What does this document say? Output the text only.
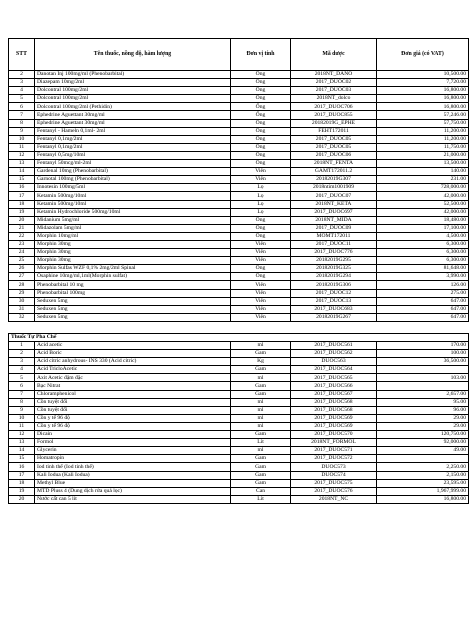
STT	Tên thuốc, nồng độ, hàm lượng	Đơn vị tính	Mã dược	Đơn giá (có VAT)
2	Danotan Inj 100mg/ml (Phenobarbital)	Ống	2018NT_DANO	10,500.00
3	Diazepam 10mg/2ml	Ống	2017_DUOC02	7,720.00
4	Dolcontral 100mg/2ml	Ống	2017_DUOC03	16,800.00
5	Dolcontral 100mg/2ml	Ống	2018NT_dolco	16,800.00
6	Dolcontral 100mg/2ml (Pethidin)	Ống	2017_DUOC706	16,800.00
7	Ephedrine Aguettant 30mg/ml	Ống	2017_DUOC855	57,246.00
8	Ephedrine Aguettant 30mg/ml	Ống	20182019G_EPHE	57,750.00
9	Fentanyl - Hameln 0,1ml- 2ml	Ống	FEHT172011	11,200.00
10	Fentanyl 0,1mg/2ml	Ống	2017_DUOC05	11,200.00
11	Fentanyl 0,1mg/2ml	Ống	2017_DUOC05	11,750.00
12	Fentanyl 0,5mg/10ml	Ống	2017_DUOC06	21,000.00
13	Fentanyl 50mcg/ml-2ml	Ống	2018NT_FENTA	13,500.00
14	Gardenal 10mg (Phenobarbital)	Viên	GAMT172011.2	140.00
15	Garnotal 100mg (Phenobarbital)	Viên	20182019G307	231.00
16	Innotesin 100mg/5ml	Lọ	2018ntim1001909	728,000.00
17	Ketamin 500mg/10ml	Lọ	2017_DUOC07	42,000.00
18	Ketamin 500mg/10ml	Lọ	2018NT_KETA	52,500.00
19	Ketamin Hydrochloride 500mg/10ml	Lọ	2017_DUOC697	42,000.00
20	Midanium 5mg/ml	Ống	2018NT_MIDA	18,480.00
21	Midazolam 5mg/ml	Ống	2017_DUOC09	17,100.00
22	Morphin 10mg/ml	Ống	MOMT172011	4,500.00
23	Morphin 30mg	Viên	2017_DUOC11	6,300.00
24	Morphin 30mg	Viên	2017_DUOC776	6,300.00
25	Morphin 30mg	Viên	20182019G295	6,300.00
26	Morphin Sulfas WZF 0,1% 2mg/2ml Spinal	Ống	20182019G325	81,648.00
27	Osaphine 10mg/ml,1ml(Morphin sulfat)	Ống	20182019G294	3,990.00
28	Phenobarbital 10 mg	Viên	20182019G306	126.00
29	Phenobarbital 100mg	Viên	2017_DUOC12	275.00
30	Seduxen 5mg	Viên	2017_DUOC13	647.00
31	Seduxen 5mg	Viên	2017_DUOC683	647.00
32	Seduxen 5mg	Viên	20182019G267	647.00

Thuốc Tự Pha Chế				
1	Acid acetic	ml	2017_DUOC561	170.00
2	Acid Boric	Gam	2017_DUOC562	100.00
3	Acid citric anhydrous- INS 330 (Acid citric)	Kg	DUOC563	36,500.00
4	Acid TricloAcetic	Gam	2017_DUOC564	
5	Axit Acetic đậm đặc	ml	2017_DUOC565	103.00
6	Bạc Nitrat	Gam	2017_DUOC566	
7	Chloramphenicol	Gam	2017_DUOC567	2,657.00
8	Cồn tuyệt đối	ml	2017_DUOC568	95.00
9	Cồn tuyệt đối	ml	2017_DUOC568	96.00
10	Cồn y tế 96 độ	ml	2017_DUOC569	29.00
11	Cồn y tế 96 độ	ml	2017_DUOC569	29.00
12	Dicain	Gam	2017_DUOC570	120,750.00
13	Formol	Lít	2018NT_FORMOL	92,000.00
14	Glycerin	ml	2017_DUOC571	49.00
15	Homatropin	Gam	2017_DUOC572	
16	Iod tinh thể (Iod tinh thể)	Gam	DUOC573	2,250.00
17	Kali Iodua (Kali Iodua)	Gam	DUOC574	2,150.00
18	Methyl Blue	Gam	2017_DUOC575	23,595.00
19	MTD Pluss 4 (Dung dịch rửa quả lọc)	Can	2017_DUOC576	1,967,999.00
20	Nước cất can 5 lít	Lít	2018NT_NC	16,800.00
